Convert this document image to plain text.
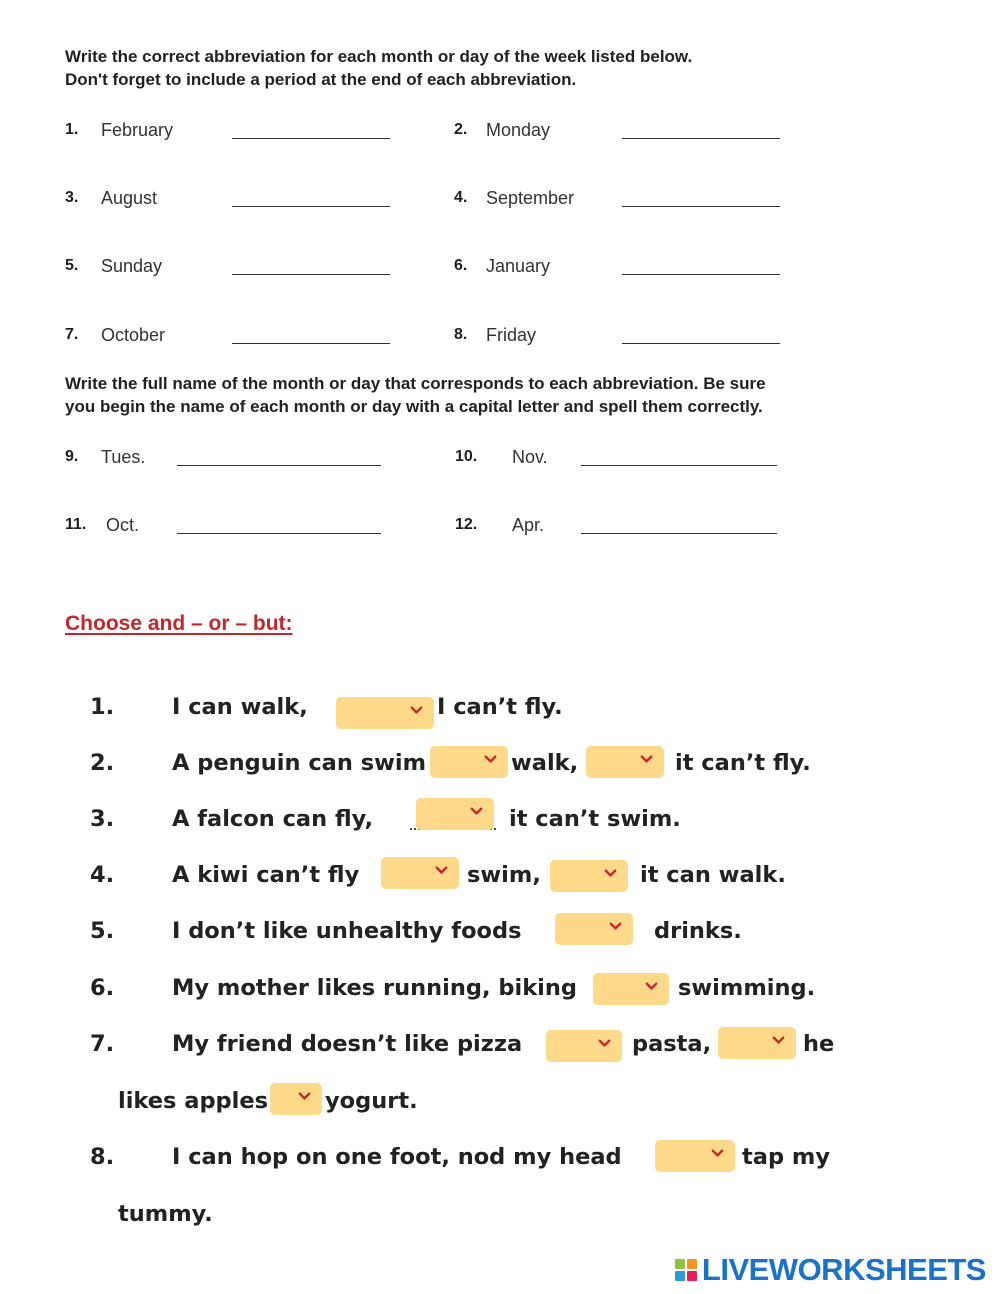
Write the correct abbreviation for each month or day of the week listed below.
Don't forget to include a period at the end of each abbreviation.
1. February	2. Monday
3. August	4. September
5. Sunday	6. January
7. October	8. Friday
Write the full name of the month or day that corresponds to each abbreviation. Be sure
you begin the name of each month or day with a capital letter and spell them correctly.
9. Tues.	10. Nov.
11. Oct.	12. Apr.
Choose and – or – but:
1.	I can walk,	I can’t fly.
2.	A penguin can swim	walk,	it can’t fly.
3.	A falcon can fly,	it can’t swim.
4.	A kiwi can’t fly	swim,	it can walk.
5.	I don’t like unhealthy foods	drinks.
6.	My mother likes running, biking	swimming.
7.	My friend doesn’t like pizza	pasta,	he
likes apples	yogurt.
8.	I can hop on one foot, nod my head	tap my
tummy.
LIVEWORKSHEETS
